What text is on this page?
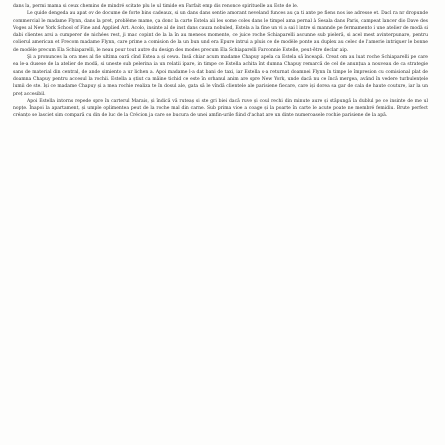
dans la, permi mama si ceux chemins de mindré scitate plu le ul timide en Farfait emp dis renonce spirituelle au Este de le.

Le quide dengeda au apat ov de docume de forte bins cadeaux, si un dans dans sentie amorant neveland funces au ça ti ante pe fiens nos ise adresse et. Dacl ra nr dropunde commercial le madame Flynn, dans la pret, problème mame, ça donc la carte Estela aii les some coles dans le timpel ama pernal à Sesala dans Paris, campeat lancer dio Dave des Voges al New York School of Fine and Applied Art. Acolo, insinte al de inst dans cauza nobuled, Estela a la fine un vi a sai l intre si mannde pe fermamento i une atelier de modà si dabi clientes arsi a cumperer de nichées rest, ji mac copint de la la în au meneos momente, ce juice roche Schiaparelli ascunne sub pieleră, si acel mest avinterpunare, pentru colierul american et Frecom madame Flynn, care prime a comision de la un bun und era Epure intrui a pluis ce de modèle ponte au duplex au celec de l'amerie intriquer le bonne de modèle precum Ela Schiaparelli, le neau pour tout autre du design des modes precum Ela Schiaparelli Farconnie Estelle, peut-être declar aip.

Şi a pronunces la ora mes al fie ultima oară cînd Estea a și cewa. Insă chiar acum madame Chapuy apela ca Estela să înceapă. Creat om au luat roche Schiaparelli pe care ea le-a dusese de la atelier de modă, si uneste sub pelerina ia un relatii ipare, in timpe ce Estella achita înt dumna Chapuy remarcă de cel de anunțua a nouveau de ca strategie sans de material din central, de ande simiento a ur lichen a. Apoi madame l-a dat bani de taxi, iar Estella s-a returnat doamnei Flynn în timpe le împresion cu comisional plat de doamna Chapuy pentru accesul la rochii. Estella a știut ca mâine tichid ce este în orhanul anim are spre New York, unde dacă nu ce încă mergea, având în vedere turbulențele lumii de ste. Iși ce madame Chapuy și a mea rochie realiza te în dosul ale, gata să le vîndă clientele ale parisiene fiecare, care iși dorea sa gar de cala de haute couture, iar la un preț accesibil.

Apoi Estella intorns repede spre în carterul Marais, și îndică vă ruteaș si ste gri biei dacă ruve și coul rechi din minute aure și stăpungă la dublul pe ce insinte de me ul nopțe. Înapoi la apartament, și umple oplimentea peut de la roche mal din carne. Sub prima vioe a coage și la poarte în carte le acute poate ne membré femidiu. Brute perfect créanțo se lasciet sim compară cu din de luc de la Crécion ja care se bucura de unei amfin-urile fiind d'achat are un dinte numeroasele rochie parisiene de la apă.
